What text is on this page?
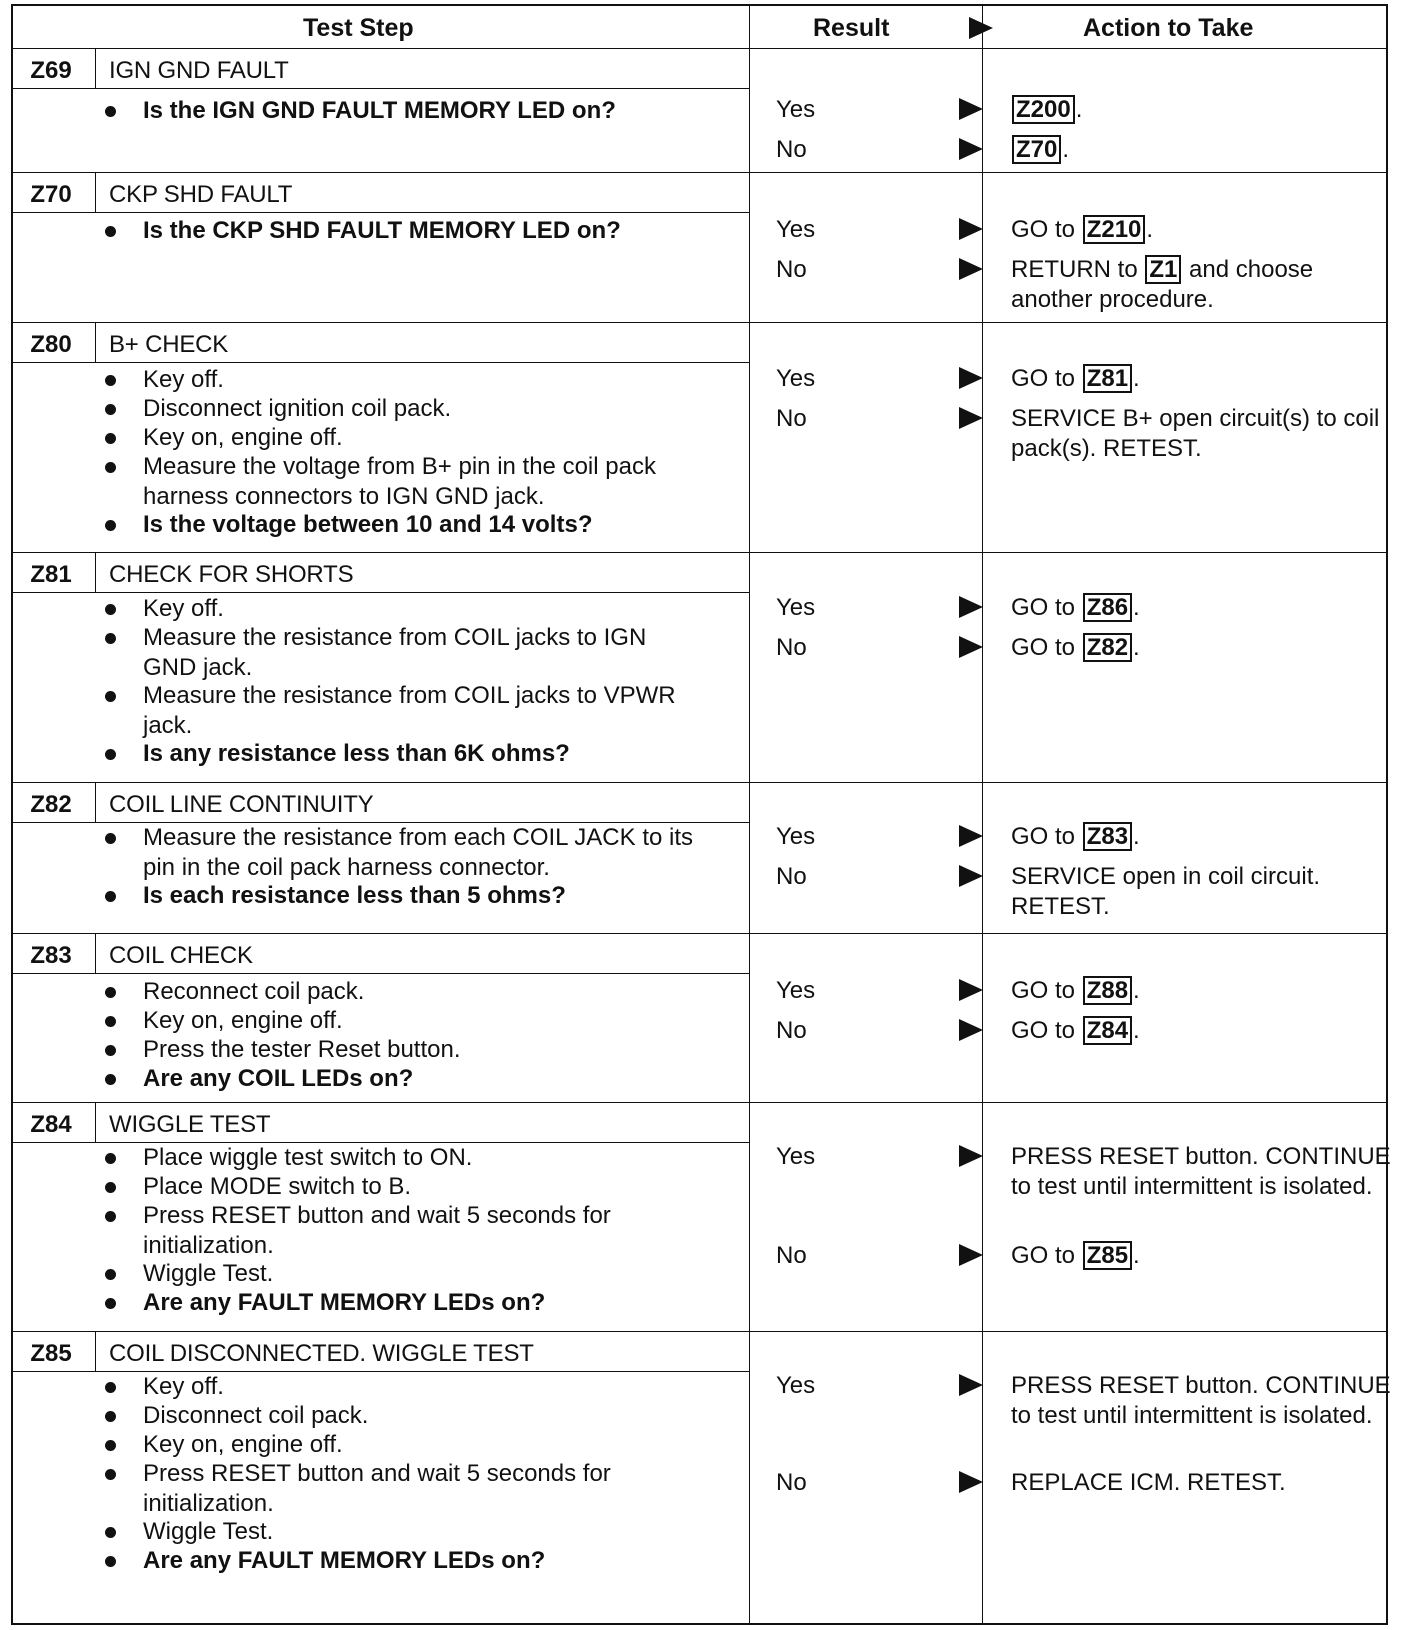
Test Step	Result	Action to Take
Z69	IGN GND FAULT
Is the IGN GND FAULT MEMORY LED on?	Yes	Z200 .
No	Z70 .
Z70	CKP SHD FAULT
Is the CKP SHD FAULT MEMORY LED on?	Yes	GO to Z210 .
No	RETURN to Z1 and choose another procedure.
Z80	B+ CHECK
Key off.
Disconnect ignition coil pack.
Key on, engine off.
Measure the voltage from B+ pin in the coil pack harness connectors to IGN GND jack.
Is the voltage between 10 and 14 volts?
Yes	GO to Z81 .
No	SERVICE B+ open circuit(s) to coil pack(s). RETEST.
Z81	CHECK FOR SHORTS
Key off.
Measure the resistance from COIL jacks to IGN GND jack.
Measure the resistance from COIL jacks to VPWR jack.
Is any resistance less than 6K ohms?
Yes	GO to Z86 .
No	GO to Z82 .
Z82	COIL LINE CONTINUITY
Measure the resistance from each COIL JACK to its pin in the coil pack harness connector.
Is each resistance less than 5 ohms?
Yes	GO to Z83 .
No	SERVICE open in coil circuit. RETEST.
Z83	COIL CHECK
Reconnect coil pack.
Key on, engine off.
Press the tester Reset button.
Are any COIL LEDs on?
Yes	GO to Z88 .
No	GO to Z84 .
Z84	WIGGLE TEST
Place wiggle test switch to ON.
Place MODE switch to B.
Press RESET button and wait 5 seconds for initialization.
Wiggle Test.
Are any FAULT MEMORY LEDs on?
Yes	PRESS RESET button. CONTINUE to test until intermittent is isolated.
No	GO to Z85 .
Z85	COIL DISCONNECTED. WIGGLE TEST
Key off.
Disconnect coil pack.
Key on, engine off.
Press RESET button and wait 5 seconds for initialization.
Wiggle Test.
Are any FAULT MEMORY LEDs on?
Yes	PRESS RESET button. CONTINUE to test until intermittent is isolated.
No	REPLACE ICM. RETEST.
